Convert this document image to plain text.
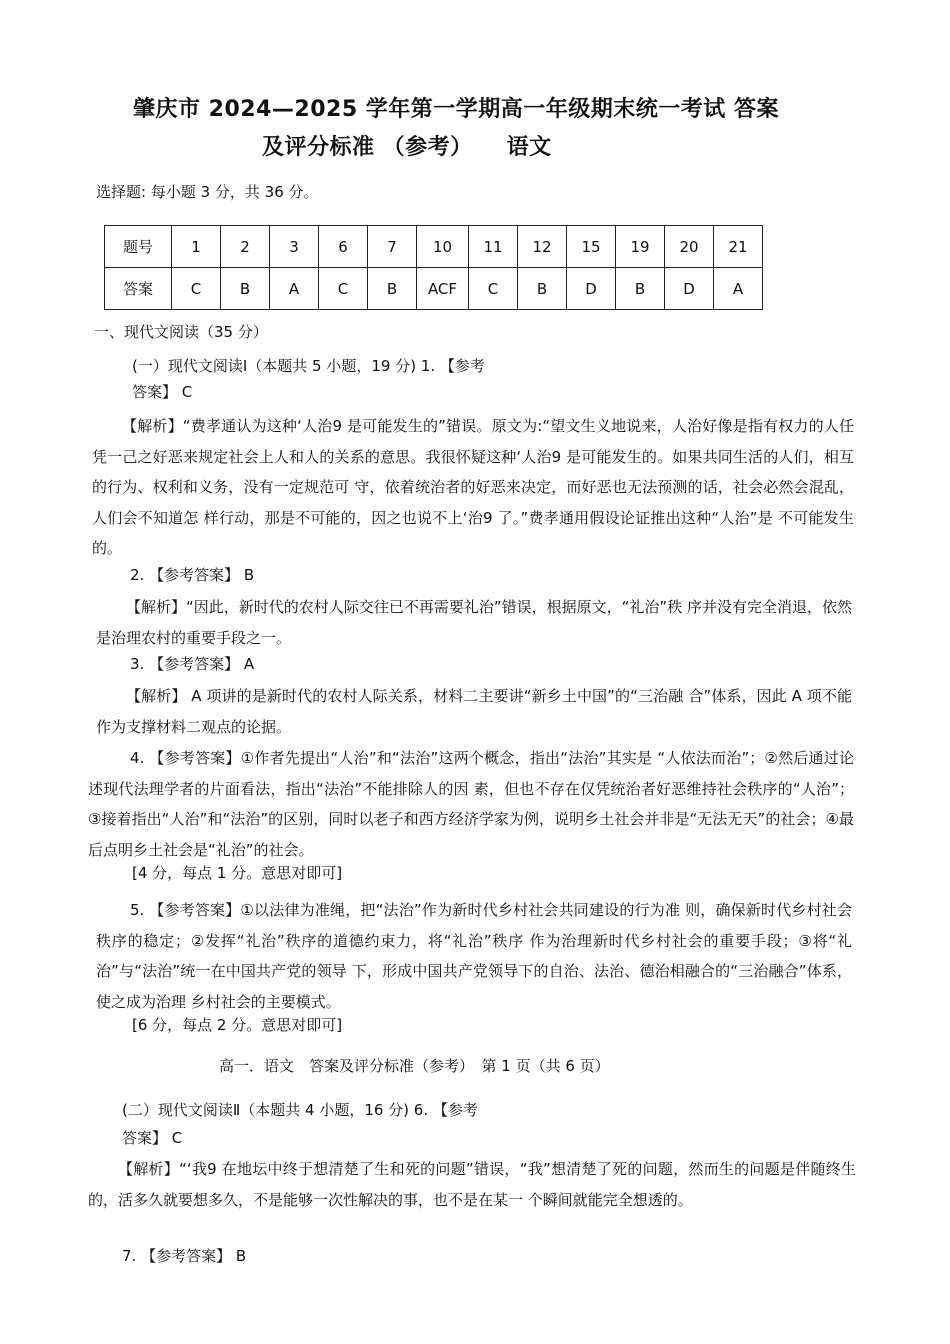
肇庆市 2024—2025 学年第一学期高一年级期末统一考试 答案
及评分标准 （参考）　　语文
选择题: 每小题 3 分，共 36 分。
题号	1	2	3	6	7	10	11	12	15	19	20	21
答案	C	B	A	C	B	ACF	C	B	D	B	D	A
一、现代文阅读（35 分）
(一）现代文阅读Ⅰ（本题共 5 小题，19 分) 1. 【参考
答案】 C
【解析】“费孝通认为这种‘人治9 是可能发生的”错误。原文为:“望文生义地说来，人治好像是指有权力的人任凭一己之好恶来规定社会上人和人的关系的意思。我很怀疑这种‘人治9 是可能发生的。如果共同生活的人们，相互的行为、权利和义务，没有一定规范可 守，依着统治者的好恶来决定，而好恶也无法预测的话，社会必然会混乱，人们会不知道怎 样行动，那是不可能的，因之也说不上‘治9 了。”费孝通用假设论证推出这种“人治”是 不可能发生的。
2. 【参考答案】 B
【解析】“因此，新时代的农村人际交往已不再需要礼治”错误，根据原文，“礼治”秩 序并没有完全消退，依然是治理农村的重要手段之一。
3. 【参考答案】 A
【解析】 A 项讲的是新时代的农村人际关系，材料二主要讲“新乡土中国”的“三治融 合”体系，因此 A 项不能作为支撑材料二观点的论据。
4. 【参考答案】①作者先提出“人治”和“法治”这两个概念，指出“法治”其实是 “人依法而治”；②然后通过论述现代法理学者的片面看法，指出“法治”不能排除人的因 素，但也不存在仅凭统治者好恶维持社会秩序的“人治”；③接着指出“人治”和“法治”的区别，同时以老子和西方经济学家为例，说明乡土社会并非是“无法无天”的社会；④最 后点明乡土社会是“礼治”的社会。
[4 分，每点 1 分。意思对即可]
5. 【参考答案】①以法律为准绳，把“法治”作为新时代乡村社会共同建设的行为准 则，确保新时代乡村社会秩序的稳定；②发挥“礼治”秩序的道德约束力，将“礼治”秩序 作为治理新时代乡村社会的重要手段；③将“礼治”与“法治”统一在中国共产党的领导 下，形成中国共产党领导下的自治、法治、德治相融合的“三治融合”体系，使之成为治理 乡村社会的主要模式。
[6 分，每点 2 分。意思对即可]
高一．语文　答案及评分标准（参考）　第 1 页（共 6 页）
(二）现代文阅读Ⅱ（本题共 4 小题，16 分) 6. 【参考
答案】 C
【解析】“‘我9 在地坛中终于想清楚了生和死的问题”错误，“我”想清楚了死的问题，然而生的问题是伴随终生的，活多久就要想多久，不是能够一次性解决的事，也不是在某一 个瞬间就能完全想透的。
7. 【参考答案】 B
